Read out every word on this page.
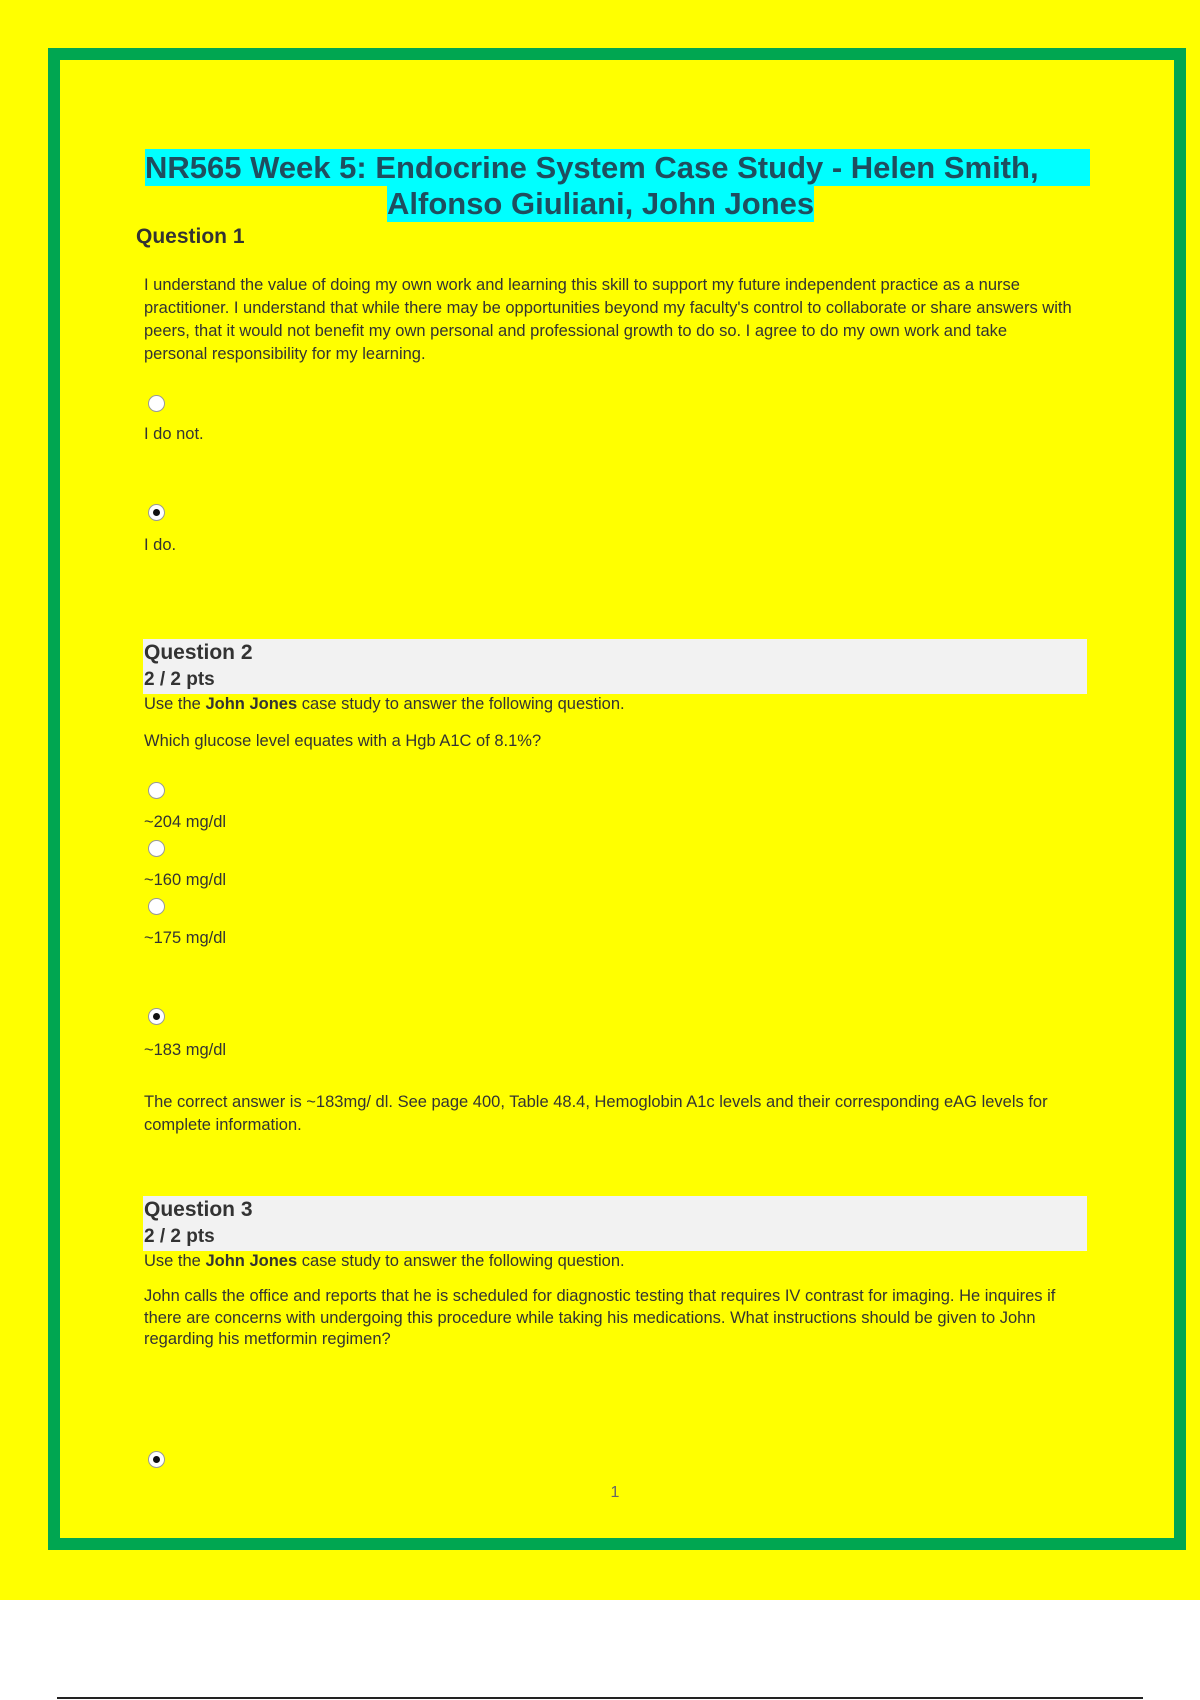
NR565 Week 5: Endocrine System Case Study - Helen Smith,
Alfonso Giuliani, John Jones
Question 1
I understand the value of doing my own work and learning this skill to support my future independent practice as a nurse practitioner. I understand that while there may be opportunities beyond my faculty's control to collaborate or share answers with peers, that it would not benefit my own personal and professional growth to do so. I agree to do my own work and take personal responsibility for my learning.
I do not.
I do.
Question 2
2 / 2 pts
Use the John Jones case study to answer the following question.
Which glucose level equates with a Hgb A1C of 8.1%?
~204 mg/dl
~160 mg/dl
~175 mg/dl
~183 mg/dl
The correct answer is ~183mg/ dl. See page 400, Table 48.4, Hemoglobin A1c levels and their corresponding eAG levels for complete information.
Question 3
2 / 2 pts
Use the John Jones case study to answer the following question.
John calls the office and reports that he is scheduled for diagnostic testing that requires IV contrast for imaging. He inquires if there are concerns with undergoing this procedure while taking his medications. What instructions should be given to John regarding his metformin regimen?
1
